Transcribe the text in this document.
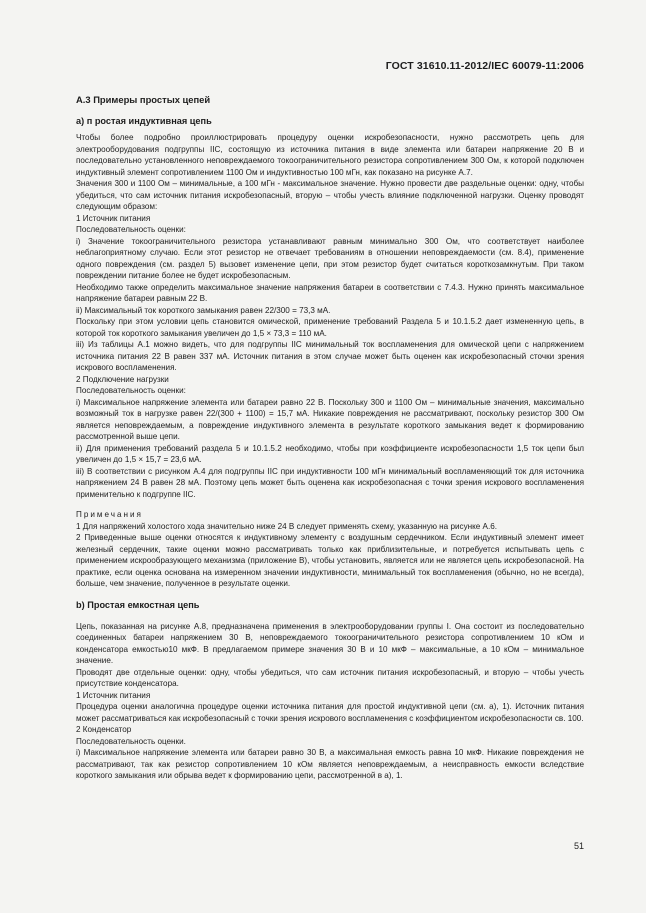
ГОСТ 31610.11-2012/IEC 60079-11:2006
А.3 Примеры простых цепей
а) п ростая индуктивная цепь

Чтобы более подробно проиллюстрировать процедуру оценки искробезопасности, нужно рассмотреть цепь для электрооборудования подгруппы IIC, состоящую из источника питания в виде элемента или батареи напряжение 20 В и последовательно установленного неповреждаемого токоограничительного резистора сопротивлением 300 Ом, к которой подключен индуктивный элемент сопротивлением 1100 Ом и индуктивностью 100 мГн, как показано на рисунке А.7.

Значения 300 и 1100 Ом – минимальные, а 100 мГн - максимальное значение. Нужно провести две раздельные оценки: одну, чтобы убедиться, что сам источник питания искробезопасный, вторую – чтобы учесть влияние подключенной нагрузки. Оценку проводят следующим образом:

1 Источник питания

Последовательность оценки:

i) Значение токоограничительного резистора устанавливают равным минимально 300 Ом, что соответствует наиболее неблагоприятному случаю. Если этот резистор не отвечает требованиям в отношении неповреждаемости (см. 8.4), применение одного повреждения (см. раздел 5) вызовет изменение цепи, при этом резистор будет считаться короткозамкнутым. При таком повреждении питание более не будет искробезопасным.

Необходимо также определить максимальное значение напряжения батареи в соответствии с 7.4.3. Нужно принять максимальное напряжение батареи равным 22 В.

ii) Максимальный ток короткого замыкания равен 22/300 = 73,3 мА.

Поскольку при этом условии цепь становится омической, применение требований Раздела 5 и 10.1.5.2 дает измененную цепь, в которой ток короткого замыкания увеличен до 1,5 × 73,3 = 110 мА.

iii) Из таблицы А.1 можно видеть, что для подгруппы IIC минимальный ток воспламенения для омической цепи с напряжением источника питания 22 В равен 337 мА. Источник питания в этом случае может быть оценен как искробезопасный сточки зрения искрового воспламенения.

2 Подключение нагрузки

Последовательность оценки:

i) Максимальное напряжение элемента или батареи равно 22 В. Поскольку 300 и 1100 Ом – минимальные значения, максимально возможный ток в нагрузке равен 22/(300 + 1100) = 15,7 мА. Никакие повреждения не рассматривают, поскольку резистор 300 Ом является неповреждаемым, а повреждение индуктивного элемента в результате короткого замыкания ведет к формированию рассмотренной выше цепи.

ii) Для применения требований раздела 5 и 10.1.5.2 необходимо, чтобы при коэффициенте искробезопасности 1,5 ток цепи был увеличен до 1,5 × 15,7 = 23,6 мА.

iii) В соответствии с рисунком А.4 для подгруппы IIC при индуктивности 100 мГн минимальный воспламеняющий ток для источника напряжением 24 В равен 28 мА. Поэтому цепь может быть оценена как искробезопасная с точки зрения искрового воспламенения применительно к подгруппе IIC.

Примечания

1 Для напряжений холостого хода значительно ниже 24 В следует применять схему, указанную на рисунке А.6.

2 Приведенные выше оценки относятся к индуктивному элементу с воздушным сердечником. Если индуктивный элемент имеет железный сердечник, такие оценки можно рассматривать только как приблизительные, и потребуется испытывать цепь с применением искрообразующего механизма (приложение В), чтобы установить, является или не является цепь искробезопасной. На практике, если оценка основана на измеренном значении индуктивности, минимальный ток воспламенения (обычно, но не всегда), больше, чем значение, полученное в результате оценки.

b) Простая емкостная цепь

Цепь, показанная на рисунке А.8, предназначена применения в электрооборудовании группы I. Она состоит из последовательно соединенных батареи напряжением 30 В, неповреждаемого токоограничительного резистора сопротивлением 10 кОм и конденсатора емкостью10 мкФ. В предлагаемом примере значения 30 В и 10 мкФ – максимальные, а 10 кОм – минимальное значение.

Проводят две отдельные оценки: одну, чтобы убедиться, что сам источник питания искробезопасный, и вторую – чтобы учесть присутствие конденсатора.

1 Источник питания

Процедура оценки аналогична процедуре оценки источника питания для простой индуктивной цепи (см. а), 1). Источник питания может рассматриваться как искробезопасный с точки зрения искрового воспламенения с коэффициентом искробезопасности св. 100.

2 Конденсатор

Последовательность оценки.

i) Максимальное напряжение элемента или батареи равно 30 В, а максимальная емкость равна 10 мкФ. Никакие повреждения не рассматривают, так как резистор сопротивлением 10 кОм является неповреждаемым, а неисправность емкости вследствие короткого замыкания или обрыва ведет к формированию цепи, рассмотренной в а), 1.

51
